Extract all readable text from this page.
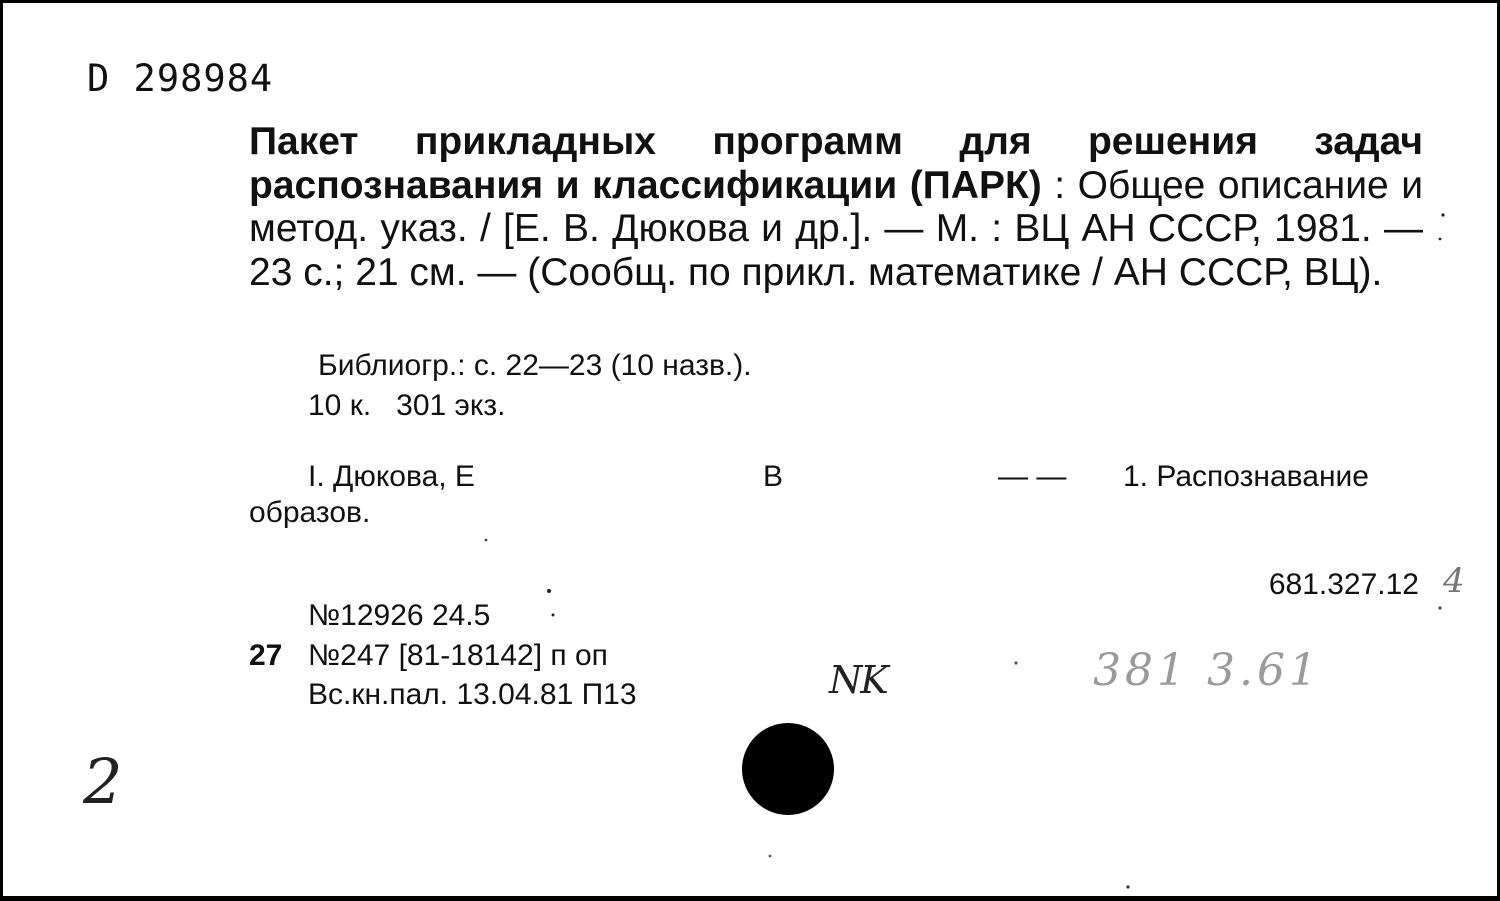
D 298984
Пакет прикладных программ для решения задач распознавания и классификации (ПАРК) : Общее описание и метод. указ. / [Е. В. Дюкова и др.]. — М. : ВЦ АН СССР, 1981. — 23 с.; 21 см. — (Сообщ. по прикл. математике / АН СССР, ВЦ).
Библиогр.: с. 22—23 (10 назв.).
10 к.   301 экз.
I. Дюкова, Е	В	— — 1. Распознавание
образов.
681.327.12
№12926 24.5
27 №247 [81-18142] п оп
Вс.кн.пал. 13.04.81 П13
2
NK	381 3.61
4
